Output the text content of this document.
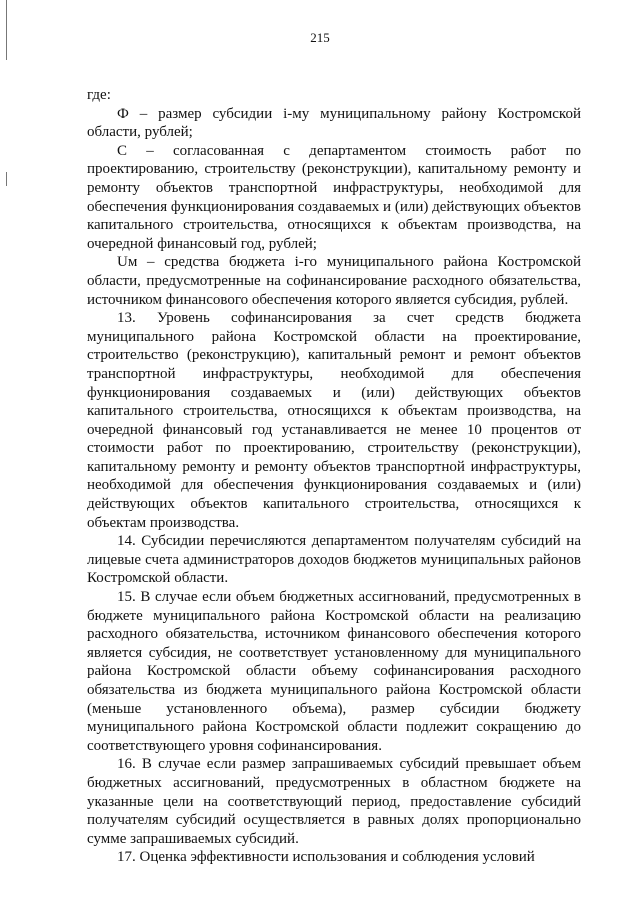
215

где:

Ф – размер субсидии i-му муниципальному району Костромской области, рублей;

С – согласованная с департаментом стоимость работ по проектированию, строительству (реконструкции), капитальному ремонту и ремонту объектов транспортной инфраструктуры, необходимой для обеспечения функционирования создаваемых и (или) действующих объектов капитального строительства, относящихся к объектам производства, на очередной финансовый год, рублей;

Uм – средства бюджета i-го муниципального района Костромской области, предусмотренные на софинансирование расходного обязательства, источником финансового обеспечения которого является субсидия, рублей.

13. Уровень софинансирования за счет средств бюджета муниципального района Костромской области на проектирование, строительство (реконструкцию), капитальный ремонт и ремонт объектов транспортной инфраструктуры, необходимой для обеспечения функционирования создаваемых и (или) действующих объектов капитального строительства, относящихся к объектам производства, на очередной финансовый год устанавливается не менее 10 процентов от стоимости работ по проектированию, строительству (реконструкции), капитальному ремонту и ремонту объектов транспортной инфраструктуры, необходимой для обеспечения функционирования создаваемых и (или) действующих объектов капитального строительства, относящихся к объектам производства.

14. Субсидии перечисляются департаментом получателям субсидий на лицевые счета администраторов доходов бюджетов муниципальных районов Костромской области.

15. В случае если объем бюджетных ассигнований, предусмотренных в бюджете муниципального района Костромской области на реализацию расходного обязательства, источником финансового обеспечения которого является субсидия, не соответствует установленному для муниципального района Костромской области объему софинансирования расходного обязательства из бюджета муниципального района Костромской области (меньше установленного объема), размер субсидии бюджету муниципального района Костромской области подлежит сокращению до соответствующего уровня софинансирования.

16. В случае если размер запрашиваемых субсидий превышает объем бюджетных ассигнований, предусмотренных в областном бюджете на указанные цели на соответствующий период, предоставление субсидий получателям субсидий осуществляется в равных долях пропорционально сумме запрашиваемых субсидий.

17. Оценка эффективности использования и соблюдения условий
